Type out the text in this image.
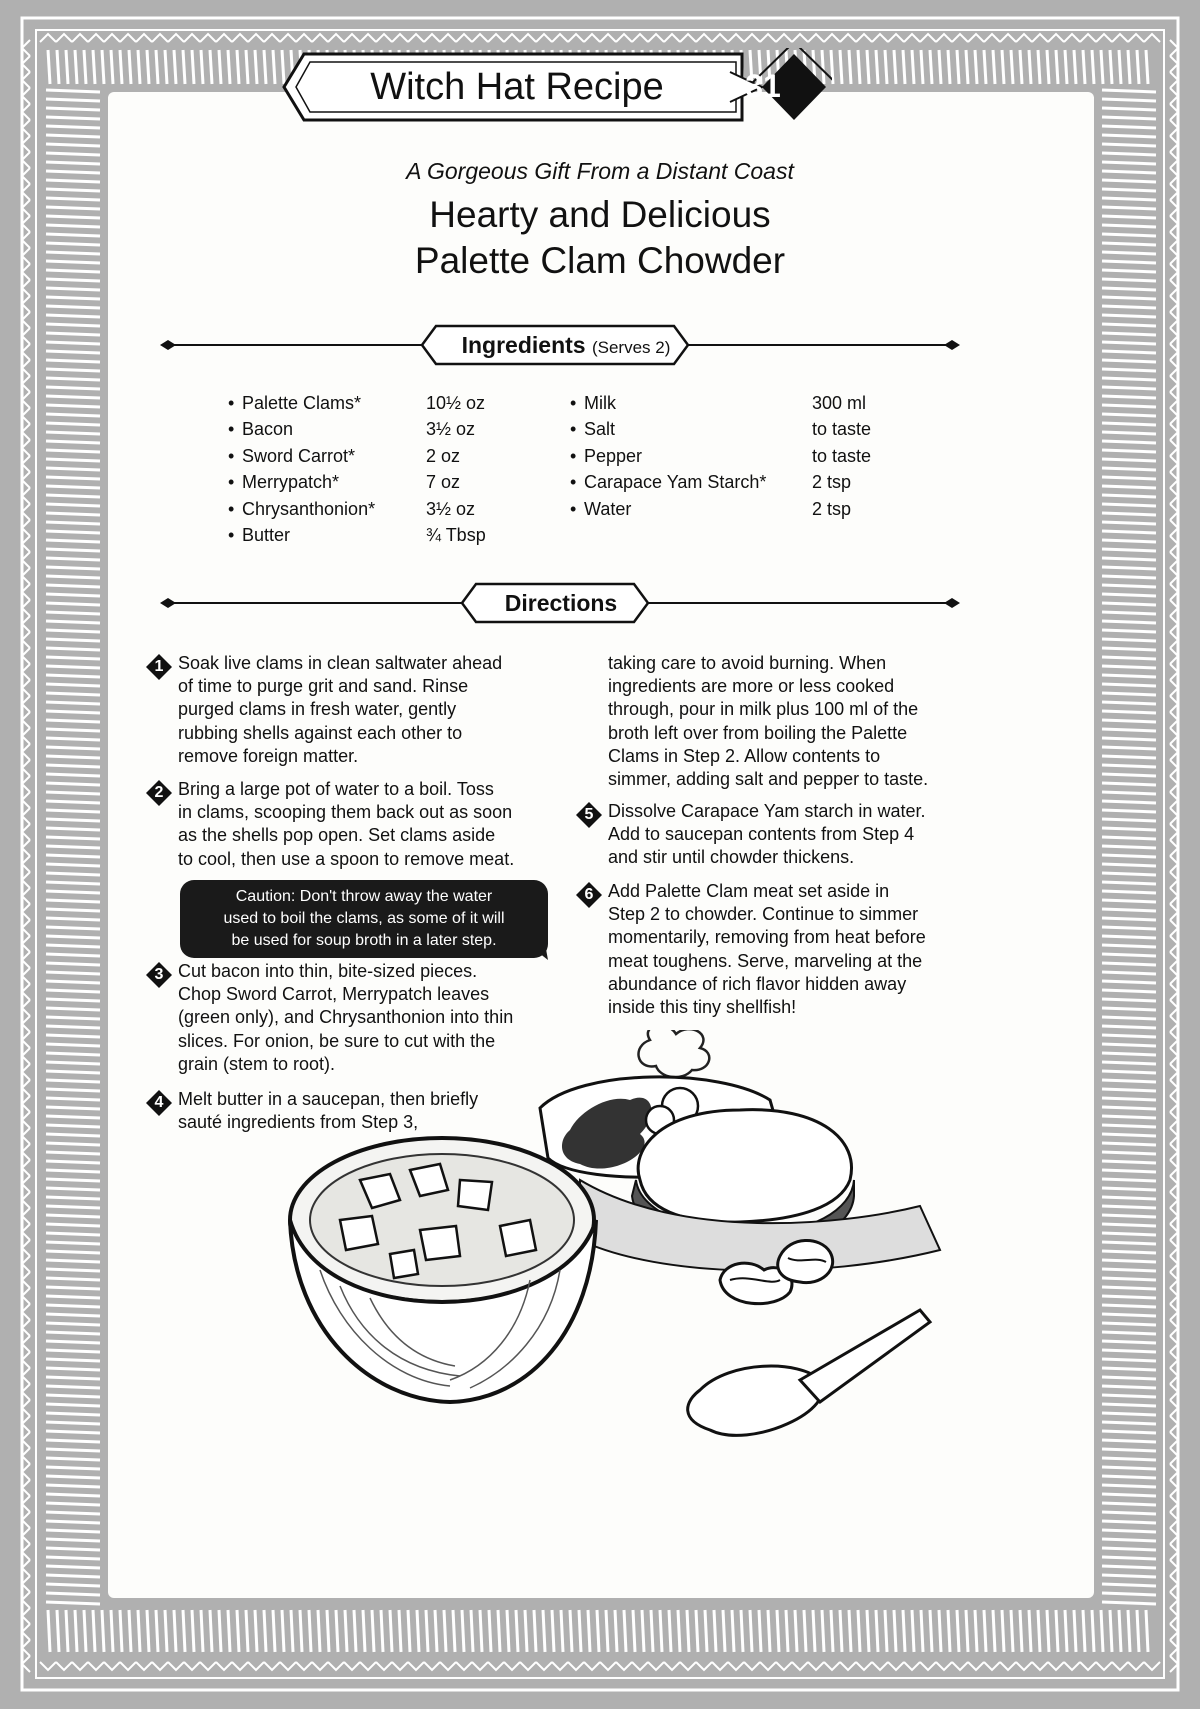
Witch Hat Recipe	31
A Gorgeous Gift From a Distant Coast
Hearty and Delicious
Palette Clam Chowder
Ingredients (Serves 2)
• Palette Clams*	10½ oz
• Bacon	3½ oz
• Sword Carrot*	2 oz
• Merrypatch*	7 oz
• Chrysanthonion*	3½ oz
• Butter	¾ Tbsp
• Milk	300 ml
• Salt	to taste
• Pepper	to taste
• Carapace Yam Starch*	2 tsp
• Water	2 tsp
Directions
Soak live clams in clean saltwater ahead
of time to purge grit and sand. Rinse
purged clams in fresh water, gently
rubbing shells against each other to
remove foreign matter.
1
Bring a large pot of water to a boil. Toss
in clams, scooping them back out as soon
as the shells pop open. Set clams aside
to cool, then use a spoon to remove meat.
2
Cut bacon into thin, bite-sized pieces.
Chop Sword Carrot, Merrypatch leaves
(green only), and Chrysanthonion into thin
slices. For onion, be sure to cut with the
grain (stem to root).
3
Melt butter in a saucepan, then briefly
sauté ingredients from Step 3,
4
taking care to avoid burning. When
ingredients are more or less cooked
through, pour in milk plus 100 ml of the
broth left over from boiling the Palette
Clams in Step 2. Allow contents to
simmer, adding salt and pepper to taste.
Dissolve Carapace Yam starch in water.
Add to saucepan contents from Step 4
and stir until chowder thickens.
5
Add Palette Clam meat set aside in
Step 2 to chowder. Continue to simmer
momentarily, removing from heat before
meat toughens. Serve, marveling at the
abundance of rich flavor hidden away
inside this tiny shellfish!
6
Caution: Don't throw away the water
used to boil the clams, as some of it will
be used for soup broth in a later step.
